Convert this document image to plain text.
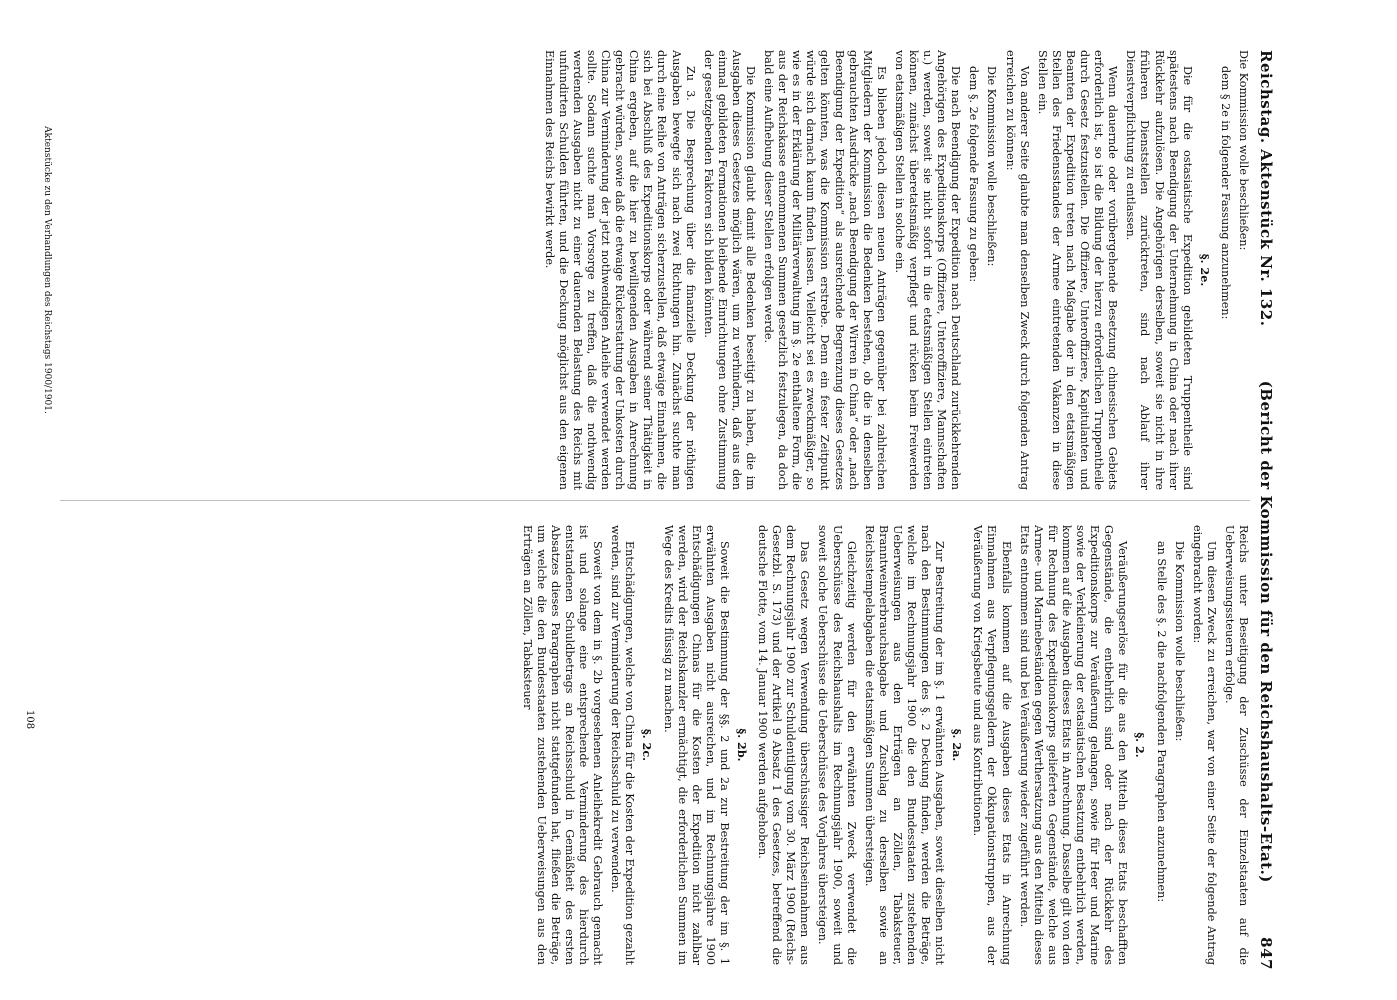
Reichstag. Aktenstück Nr. 132.
(Bericht der Kommission für den Reichshaushalts-Etat.)
847

Die Kommission wolle beschließen:

dem § 2e in folgender Fassung anzunehmen:

§. 2e.

Die für die ostasiatische Expedition gebildeten Truppentheile sind spätestens nach Beendigung der Unternehmung in China oder nach ihrer Rückkehr aufzulösen. Die Angehörigen derselben, soweit sie nicht in ihre früheren Dienststellen zurücktreten, sind nach Ablauf ihrer Dienstverpflichtung zu entlassen.

Wenn dauernde oder vorübergehende Besetzung chinesischen Gebiets erforderlich ist, so ist die Bildung der hierzu erforderlichen Truppentheile durch Gesetz festzustellen. Die Offiziere, Unteroffiziere, Kapitulanten und Beamten der Expedition treten nach Maßgabe der in den etatsmäßigen Stellen des Friedensstandes der Armee eintretenden Vakanzen in diese Stellen ein.

Von anderer Seite glaubte man denselben Zweck durch folgenden Antrag erreichen zu können:

Die Kommission wolle beschließen:

dem §. 2e folgende Fassung zu geben:

Die nach Beendigung der Expedition nach Deutschland zurückkehrenden Angehörigen des Expeditionskorps (Offiziere, Unteroffiziere, Mannschaften u.) werden, soweit sie nicht sofort in die etatsmäßigen Stellen eintreten können, zunächst überetatsmäßig verpflegt und rücken beim Freiwerden von etatsmäßigen Stellen in solche ein.

Es blieben jedoch diesen neuen Anträgen gegenüber bei zahlreichen Mitgliedern der Kommission die Bedenken bestehen, ob die in denselben gebrauchten Ausdrücke „nach Beendigung der Wirren in China“ oder „nach Beendigung der Expedition“ als ausreichende Begrenzung dieses Gesetzes gelten könnten, was die Kommission erstrebe. Denn ein fester Zeitpunkt würde sich darnach kaum finden lassen. Vielleicht sei es zweckmäßiger, so wie es in der Erklärung der Militärverwaltung im §. 2e enthaltene Form, die aus der Reichskasse entnommenen Summen gesetzlich festzulegen, da doch bald eine Aufhebung dieser Stellen erfolgen werde.

Die Kommission glaubt damit alle Bedenken beseitigt zu haben, die im Ausgaben dieses Gesetzes möglich wären, um zu verhindern, daß aus den einmal gebildeten Formationen bleibende Einrichtungen ohne Zustimmung der gesetzgebenden Faktoren sich bilden könnten.

Zu 3. Die Besprechung über die finanzielle Deckung der nöthigen Ausgaben bewegte sich nach zwei Richtungen hin. Zunächst suchte man durch eine Reihe von Anträgen sicherzustellen, daß etwaige Einnahmen, die sich bei Abschluß des Expeditionskorps oder während seiner Thätigkeit in China ergeben, auf die hier zu bewilligenden Ausgaben in Anrechnung gebracht würden, sowie daß die etwaige Rückerstattung der Unkosten durch China zur Verminderung der jetzt nothwendigen Anleihe verwendet werden sollte. Sodann suchte man Vorsorge zu treffen, daß die nothwendig werdenden Ausgaben nicht zu einer dauernden Belastung des Reichs mit unfundirten Schulden führten, und die Deckung möglichst aus den eigenen Einnahmen des Reichs bewirkt werde.

Aktenstücke zu den Verhandlungen des Reichstags 1900/1901.

Reichs unter Beseitigung der Zuschüsse der Einzelstaaten auf die Ueberweisungssteuern erfolge.

Um diesen Zweck zu erreichen, war von einer Seite der folgende Antrag eingebracht worden:

Die Kommission wolle beschließen:

an Stelle des §. 2 die nachfolgenden Paragraphen anzunehmen:

§. 2.

Veräußerungserlöse für die aus den Mitteln dieses Etats beschafften Gegenstände, die entbehrlich sind oder nach der Rückkehr des Expeditionskorps zur Veräußerung gelangen, sowie für Heer und Marine sowie der Verkleinerung der ostasiatischen Besatzung entbehrlich werden, kommen auf die Ausgaben dieses Etats in Anrechnung. Dasselbe gilt von den für Rechnung des Expeditionskorps gelieferten Gegenstände, welche aus Armee- und Marinebeständen gegen Werthersatzung aus den Mitteln dieses Etats entnommen sind und bei Veräußerung wieder zugeführt werden.

Ebenfalls kommen auf die Ausgaben dieses Etats in Anrechnung Einnahmen aus Verpflegungsgeldern der Okkupationstruppen, aus der Veräußerung von Kriegsbeute und aus Kontributionen.

§. 2a.

Zur Bestreitung der im §. 1 erwähnten Ausgaben, soweit dieselben nicht nach den Bestimmungen des §. 2 Deckung finden, werden die Beträge, welche im Rechnungsjahr 1900 die den Bundesstaaten zustehenden Ueberweisungen aus den Erträgen an Zöllen, Tabaksteuer, Branntweinverbrauchsabgabe und Zuschlag zu derselben sowie an Reichsstempelabgaben die etatsmäßigen Summen übersteigen.

Gleichzeitig werden für den erwähnten Zweck verwendet die Ueberschüsse des Reichshaushalts im Rechnungsjahr 1900, soweit und soweit solche Ueberschüsse die Ueberschüsse des Vorjahres übersteigen.

Das Gesetz wegen Verwendung überschüssiger Reichseinnahmen aus dem Rechnungsjahr 1900 zur Schuldentilgung vom 30. März 1900 (Reichs-Gesetzbl. S. 173) und der Artikel 9 Absatz 1 des Gesetzes, betreffend die deutsche Flotte, vom 14. Januar 1900 werden aufgehoben.

§. 2b.

Soweit die Bestimmung der §§. 2 und 2a zur Bestreitung der im §. 1 erwähnten Ausgaben nicht ausreichen, und im Rechnungsjahre 1900 Entschädigungen Chinas für die Kosten der Expedition nicht zahlbar werden, wird der Reichskanzler ermächtigt, die erforderlichen Summen im Wege des Kredits flüssig zu machen.

§. 2c.

Entschädigungen, welche von China für die Kosten der Expedition gezahlt werden, sind zur Verminderung der Reichsschuld zu verwenden.

Soweit von dem in §. 2b vorgesehenen Anleihekredit Gebrauch gemacht ist und solange eine entsprechende Verminderung des hierdurch entstandenen Schuldbetrags an Reichsschuld in Gemäßheit des ersten Absatzes dieses Paragraphen nicht stattgefunden hat, fließen die Beträge, um welche die den Bundesstaaten zustehenden Ueberweisungen aus den Erträgen an Zöllen, Tabaksteuer

108
